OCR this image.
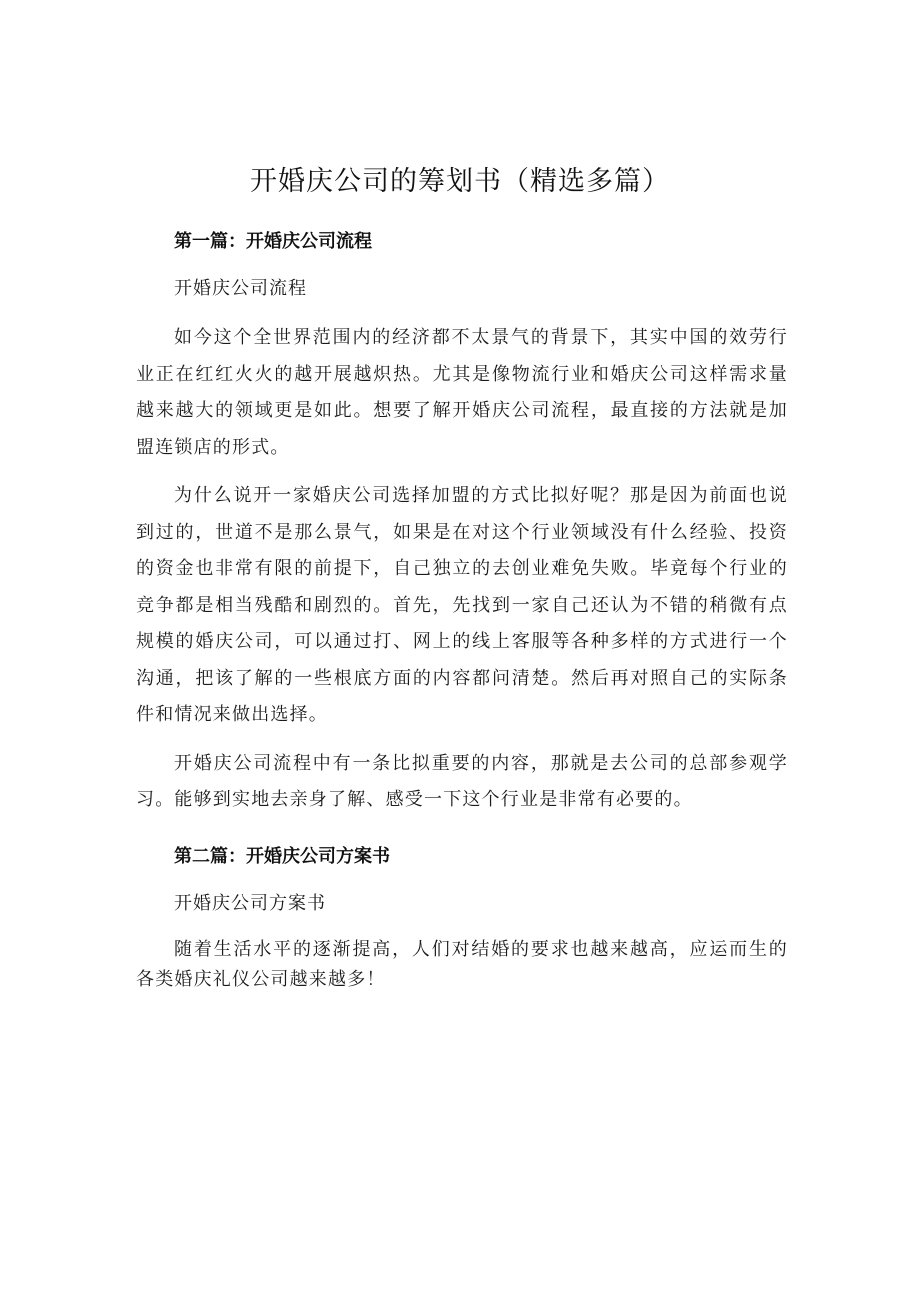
开婚庆公司的筹划书（精选多篇）

第一篇：开婚庆公司流程

开婚庆公司流程

如今这个全世界范围内的经济都不太景气的背景下，其实中国的效劳行业正在红红火火的越开展越炽热。尤其是像物流行业和婚庆公司这样需求量越来越大的领域更是如此。想要了解开婚庆公司流程，最直接的方法就是加盟连锁店的形式。

为什么说开一家婚庆公司选择加盟的方式比拟好呢？那是因为前面也说到过的，世道不是那么景气，如果是在对这个行业领域没有什么经验、投资的资金也非常有限的前提下，自己独立的去创业难免失败。毕竟每个行业的竞争都是相当残酷和剧烈的。首先，先找到一家自己还认为不错的稍微有点规模的婚庆公司，可以通过打、网上的线上客服等各种多样的方式进行一个沟通，把该了解的一些根底方面的内容都问清楚。然后再对照自己的实际条件和情况来做出选择。

开婚庆公司流程中有一条比拟重要的内容，那就是去公司的总部参观学习。能够到实地去亲身了解、感受一下这个行业是非常有必要的。

第二篇：开婚庆公司方案书

开婚庆公司方案书

随着生活水平的逐渐提高，人们对结婚的要求也越来越高，应运而生的各类婚庆礼仪公司越来越多！
